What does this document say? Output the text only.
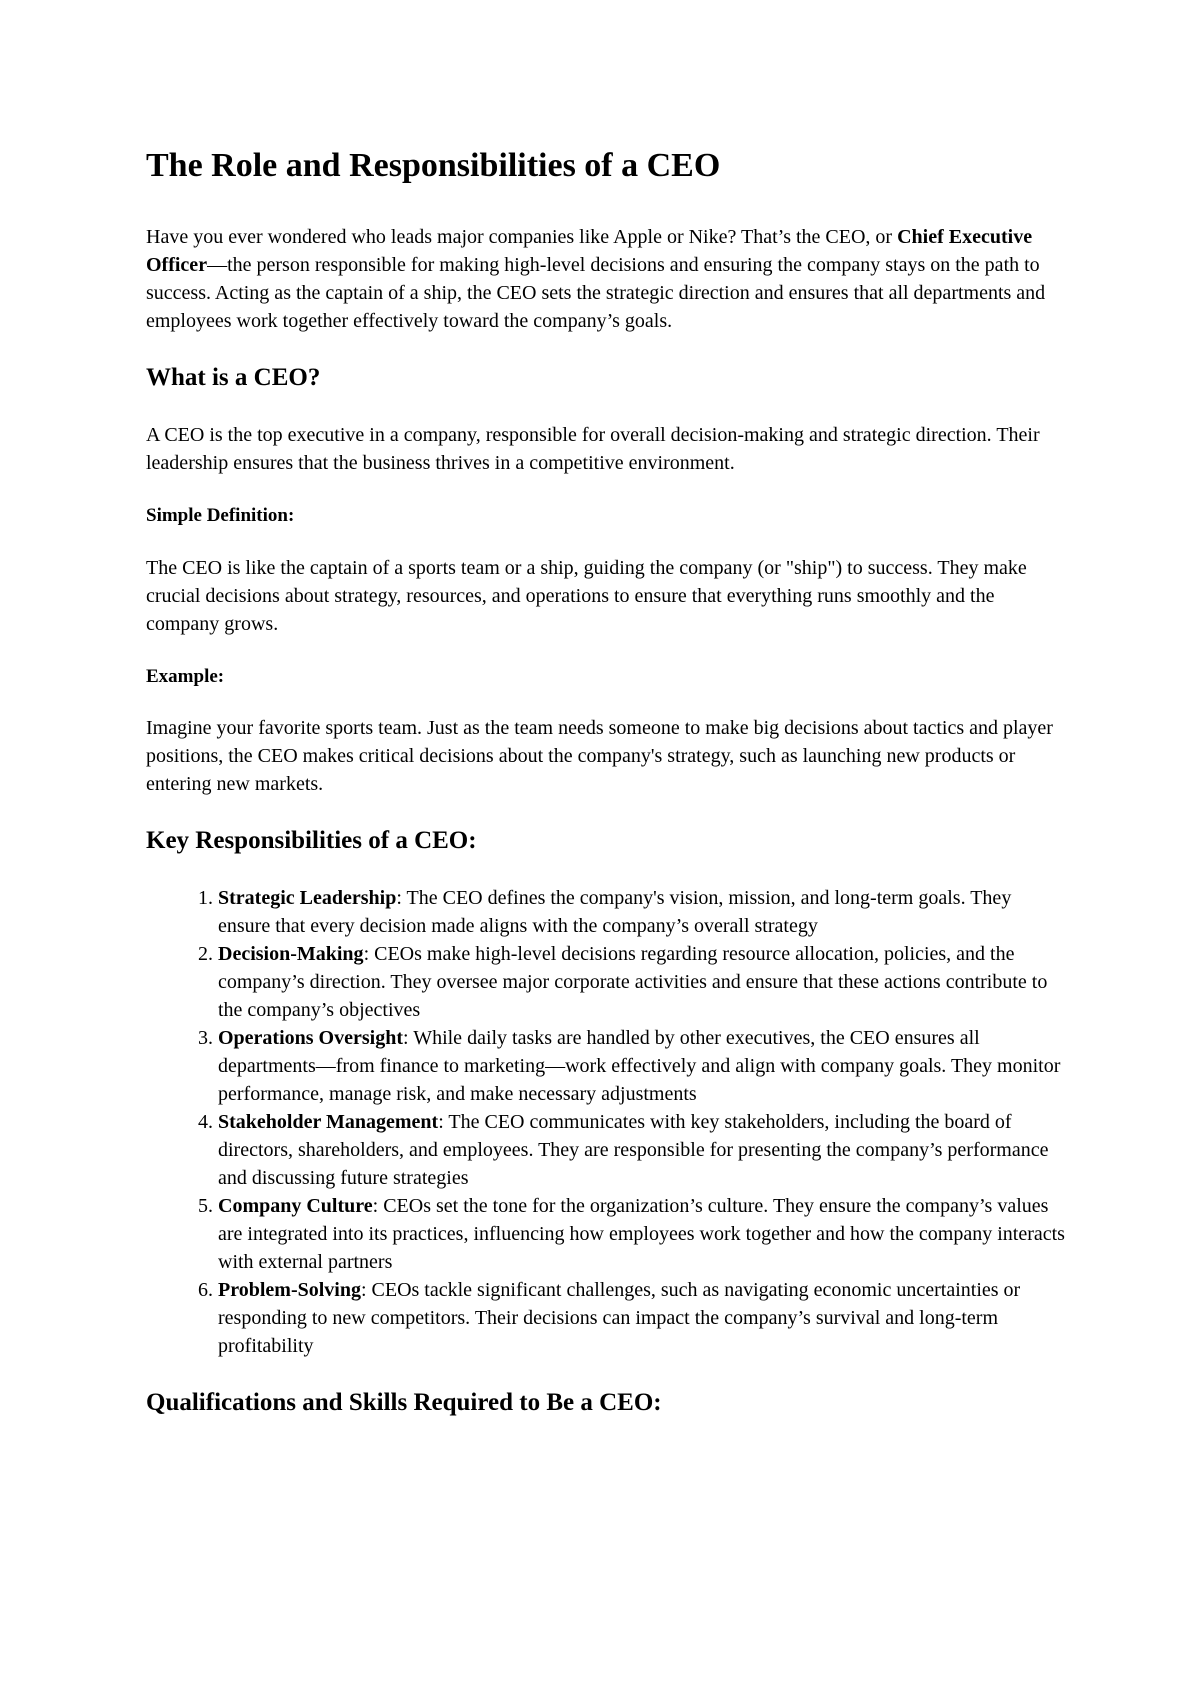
The Role and Responsibilities of a CEO

Have you ever wondered who leads major companies like Apple or Nike? That’s the CEO, or Chief Executive Officer—the person responsible for making high-level decisions and ensuring the company stays on the path to success. Acting as the captain of a ship, the CEO sets the strategic direction and ensures that all departments and employees work together effectively toward the company’s goals.

What is a CEO?

A CEO is the top executive in a company, responsible for overall decision-making and strategic direction. Their leadership ensures that the business thrives in a competitive environment.

Simple Definition:

The CEO is like the captain of a sports team or a ship, guiding the company (or "ship") to success. They make crucial decisions about strategy, resources, and operations to ensure that everything runs smoothly and the company grows.

Example:

Imagine your favorite sports team. Just as the team needs someone to make big decisions about tactics and player positions, the CEO makes critical decisions about the company's strategy, such as launching new products or entering new markets.

Key Responsibilities of a CEO:
1. Strategic Leadership: The CEO defines the company's vision, mission, and long-term goals. They ensure that every decision made aligns with the company’s overall strategy
2. Decision-Making: CEOs make high-level decisions regarding resource allocation, policies, and the company’s direction. They oversee major corporate activities and ensure that these actions contribute to the company’s objectives
3. Operations Oversight: While daily tasks are handled by other executives, the CEO ensures all departments—from finance to marketing—work effectively and align with company goals. They monitor performance, manage risk, and make necessary adjustments
4. Stakeholder Management: The CEO communicates with key stakeholders, including the board of directors, shareholders, and employees. They are responsible for presenting the company’s performance and discussing future strategies
5. Company Culture: CEOs set the tone for the organization’s culture. They ensure the company’s values are integrated into its practices, influencing how employees work together and how the company interacts with external partners
6. Problem-Solving: CEOs tackle significant challenges, such as navigating economic uncertainties or responding to new competitors. Their decisions can impact the company’s survival and long-term profitability
Qualifications and Skills Required to Be a CEO:
